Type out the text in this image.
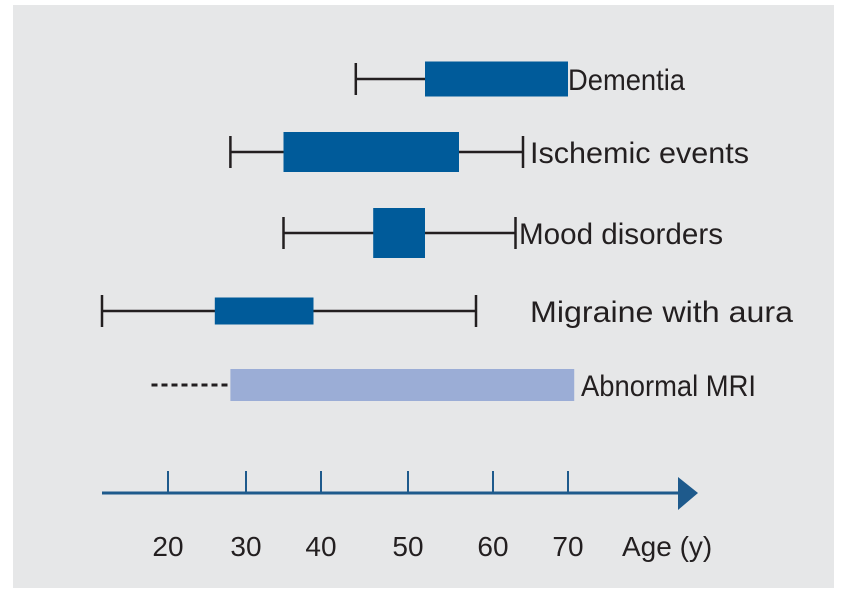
Dementia
Ischemic events
Mood disorders
Migraine with aura
Abnormal MRI
20 30 40 50 60 70 Age (y)
